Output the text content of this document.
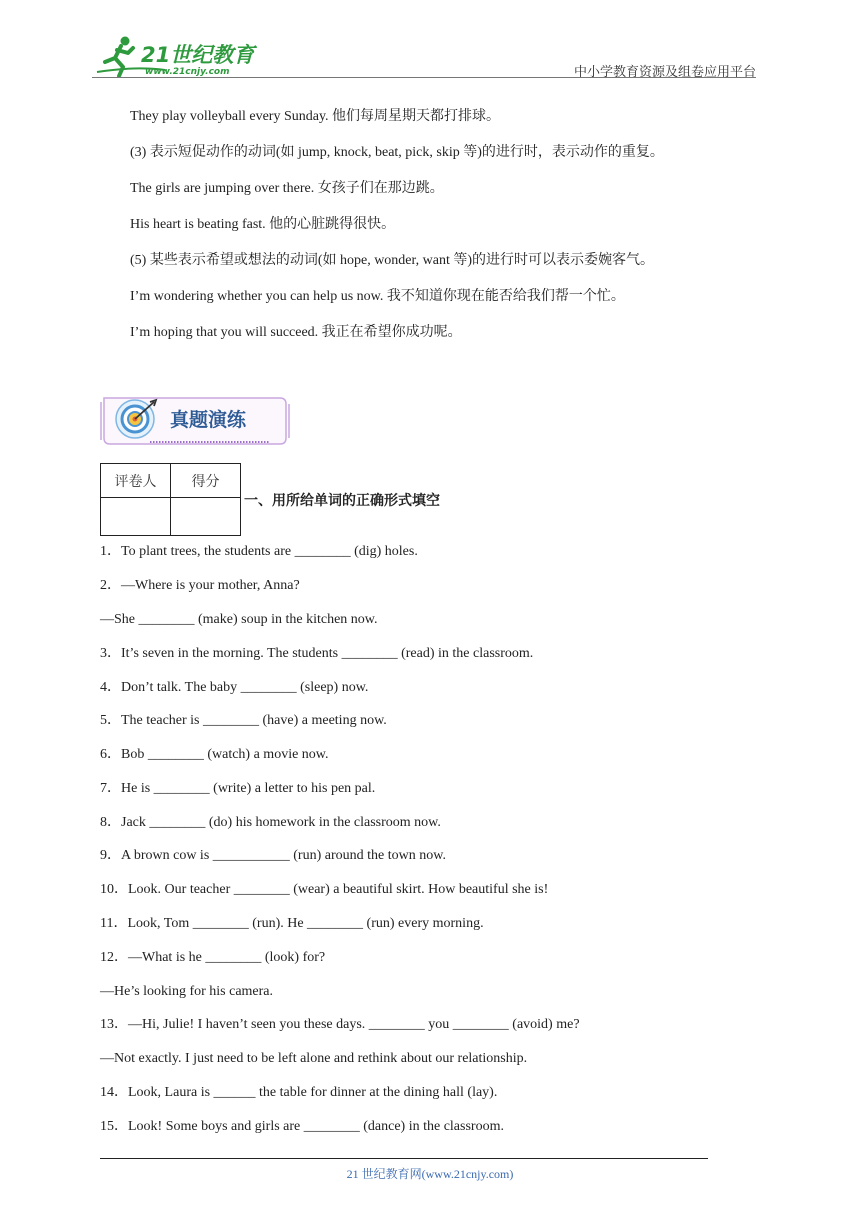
21世纪教育
www.21cnjy.com	中小学教育资源及组卷应用平台
They play volleyball every Sunday. 他们每周星期天都打排球。
(3) 表示短促动作的动词(如 jump, knock, beat, pick, skip 等)的进行时，表示动作的重复。
The girls are jumping over there. 女孩子们在那边跳。
His heart is beating fast. 他的心脏跳得很快。
(5) 某些表示希望或想法的动词(如 hope, wonder, want 等)的进行时可以表示委婉客气。
I’m wondering whether you can help us now. 我不知道你现在能否给我们帮一个忙。
I’m hoping that you will succeed. 我正在希望你成功呢。
真题演练
评卷人	得分

一、用所给单词的正确形式填空
1．To plant trees, the students are ________ (dig) holes.
2．—Where is your mother, Anna?
—She ________ (make) soup in the kitchen now.
3．It’s seven in the morning. The students ________ (read) in the classroom.
4．Don’t talk. The baby ________ (sleep) now.
5．The teacher is ________ (have) a meeting now.
6．Bob ________ (watch) a movie now.
7．He is ________ (write) a letter to his pen pal.
8．Jack ________ (do) his homework in the classroom now.
9．A brown cow is ___________ (run) around the town now.
10．Look. Our teacher ________ (wear) a beautiful skirt. How beautiful she is!
11．Look, Tom ________ (run). He ________ (run) every morning.
12．—What is he ________ (look) for?
—He’s looking for his camera.
13．—Hi, Julie! I haven’t seen you these days. ________ you ________ (avoid) me?
—Not exactly. I just need to be left alone and rethink about our relationship.
14．Look, Laura is ______ the table for dinner at the dining hall (lay).
15．Look! Some boys and girls are ________ (dance) in the classroom.
21 世纪教育网(www.21cnjy.com)
